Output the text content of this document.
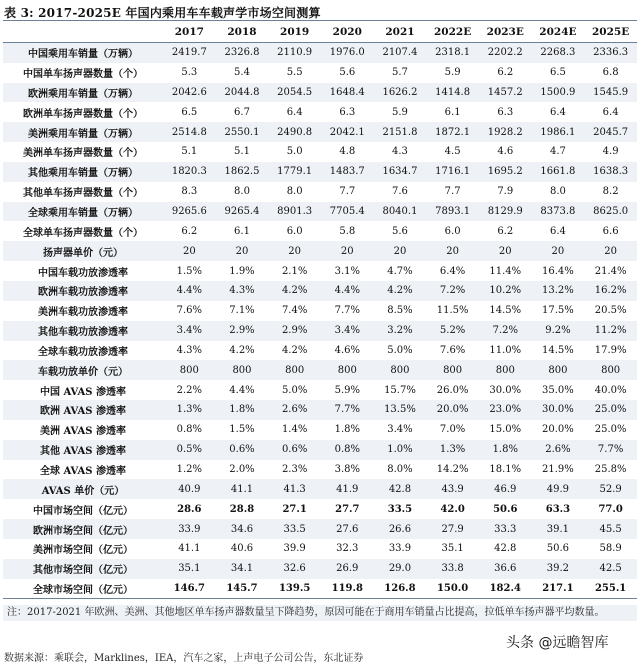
表 3: 2017-2025E 年国内乘用车车载声学市场空间测算
	2017	2018	2019	2020	2021	2022E	2023E	2024E	2025E
中国乘用车销量（万辆）	2419.7	2326.8	2110.9	1976.0	2107.4	2318.1	2202.2	2268.3	2336.3
中国单车扬声器数量（个）	5.3	5.4	5.5	5.6	5.7	5.9	6.2	6.5	6.8
欧洲乘用车销量（万辆）	2042.6	2044.8	2054.5	1648.4	1626.2	1414.8	1457.2	1500.9	1545.9
欧洲单车扬声器数量（个）	6.5	6.7	6.4	6.3	5.9	6.1	6.3	6.4	6.4
美洲乘用车销量（万辆）	2514.8	2550.1	2490.8	2042.1	2151.8	1872.1	1928.2	1986.1	2045.7
美洲单车扬声器数量（个）	5.1	5.1	5.0	4.8	4.3	4.5	4.6	4.7	4.9
其他乘用车销量（万辆）	1820.3	1862.5	1779.1	1483.7	1634.7	1716.1	1695.2	1661.8	1638.3
其他单车扬声器数量（个）	8.3	8.0	8.0	7.7	7.6	7.7	7.9	8.0	8.2
全球乘用车销量（万辆）	9265.6	9265.4	8901.3	7705.4	8040.1	7893.1	8129.9	8373.8	8625.0
全球单车扬声器数量（个）	6.2	6.1	6.0	5.8	5.6	6.0	6.2	6.4	6.6
扬声器单价（元）	20	20	20	20	20	20	20	20	20
中国车载功放渗透率	1.5%	1.9%	2.1%	3.1%	4.7%	6.4%	11.4%	16.4%	21.4%
欧洲车载功放渗透率	4.4%	4.3%	4.2%	4.4%	4.2%	7.2%	10.2%	13.2%	16.2%
美洲车载功放渗透率	7.6%	7.1%	7.4%	7.7%	8.5%	11.5%	14.5%	17.5%	20.5%
其他车载功放渗透率	3.4%	2.9%	2.9%	3.4%	3.2%	5.2%	7.2%	9.2%	11.2%
全球车载功放渗透率	4.3%	4.2%	4.2%	4.6%	5.0%	7.6%	11.0%	14.5%	17.9%
车载功放单价（元）	800	800	800	800	800	800	800	800	800
中国 AVAS 渗透率	2.2%	4.4%	5.0%	5.9%	15.7%	26.0%	30.0%	35.0%	40.0%
欧洲 AVAS 渗透率	1.3%	1.8%	2.6%	7.7%	13.5%	20.0%	23.0%	30.0%	25.0%
美洲 AVAS 渗透率	0.8%	1.5%	1.4%	1.8%	3.4%	7.0%	15.0%	20.0%	25.0%
其他 AVAS 渗透率	0.5%	0.6%	0.6%	0.8%	1.0%	1.3%	1.8%	2.6%	7.7%
全球 AVAS 渗透率	1.2%	2.0%	2.3%	3.8%	8.0%	14.2%	18.1%	21.9%	25.8%
AVAS 单价（元）	40.9	41.1	41.3	41.9	42.8	43.9	46.9	49.9	52.9
中国市场空间（亿元）	28.6	28.8	27.1	27.7	33.5	42.0	50.6	63.3	77.0
欧洲市场空间（亿元）	33.9	34.6	33.5	27.6	26.6	27.9	33.3	39.1	45.5
美洲市场空间（亿元）	41.1	40.6	39.9	32.3	33.9	35.1	42.8	50.6	58.9
其他市场空间（亿元）	35.1	34.1	32.6	26.9	29.0	33.8	36.6	39.2	42.5
全球市场空间（亿元）	146.7	145.7	139.5	119.8	126.8	150.0	182.4	217.1	255.1
注：2017-2021 年欧洲、美洲、其他地区单车扬声器数量呈下降趋势，原因可能在于商用车销量占比提高，拉低单车扬声器平均数量。
数据来源：乘联会，Marklines，IEA，汽车之家，上声电子公司公告，东北证券
头条 @远瞻智库
